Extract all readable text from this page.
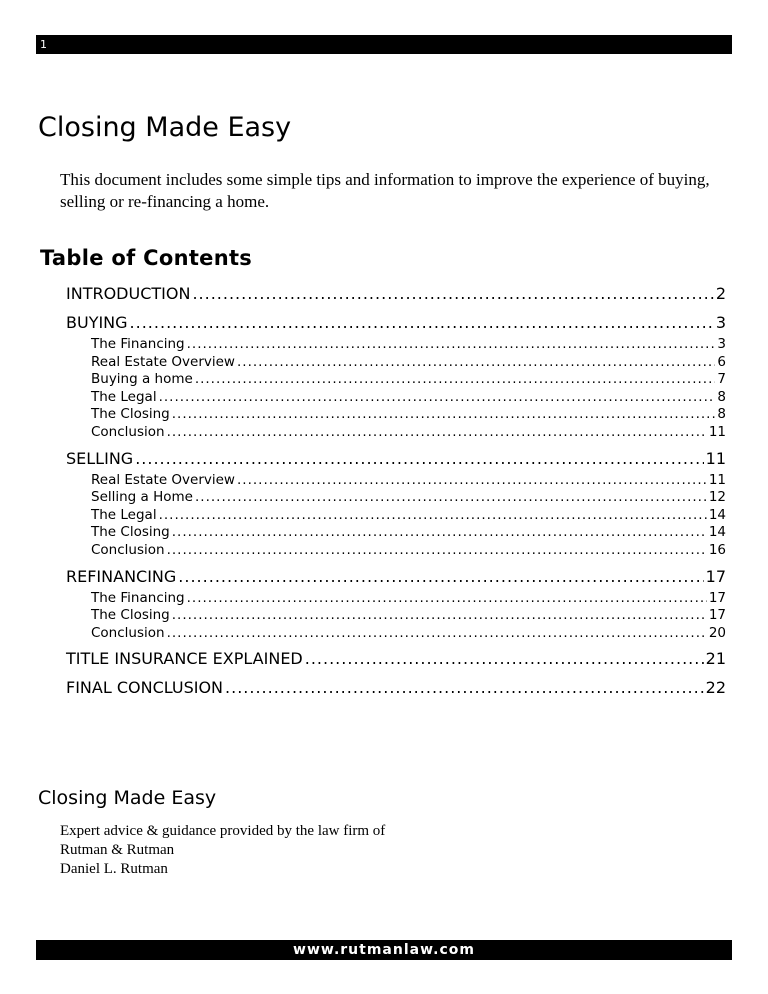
1
Closing Made Easy

This document includes some simple tips and information to improve the experience of buying, selling or re-financing a home.

Table of Contents
INTRODUCTION .....	2
BUYING .....	3
The Financing .....	3
Real Estate Overview .....	6
Buying a home .....	7
The Legal .....	8
The Closing .....	8
Conclusion .....	11
SELLING .....	11
Real Estate Overview .....	11
Selling a Home .....	12
The Legal .....	14
The Closing .....	14
Conclusion .....	16
REFINANCING .....	17
The Financing .....	17
The Closing .....	17
Conclusion .....	20
TITLE INSURANCE EXPLAINED .....	21
FINAL CONCLUSION .....	22
Closing Made Easy
Expert advice & guidance provided by the law firm of
Rutman & Rutman
Daniel L. Rutman
www.rutmanlaw.com
